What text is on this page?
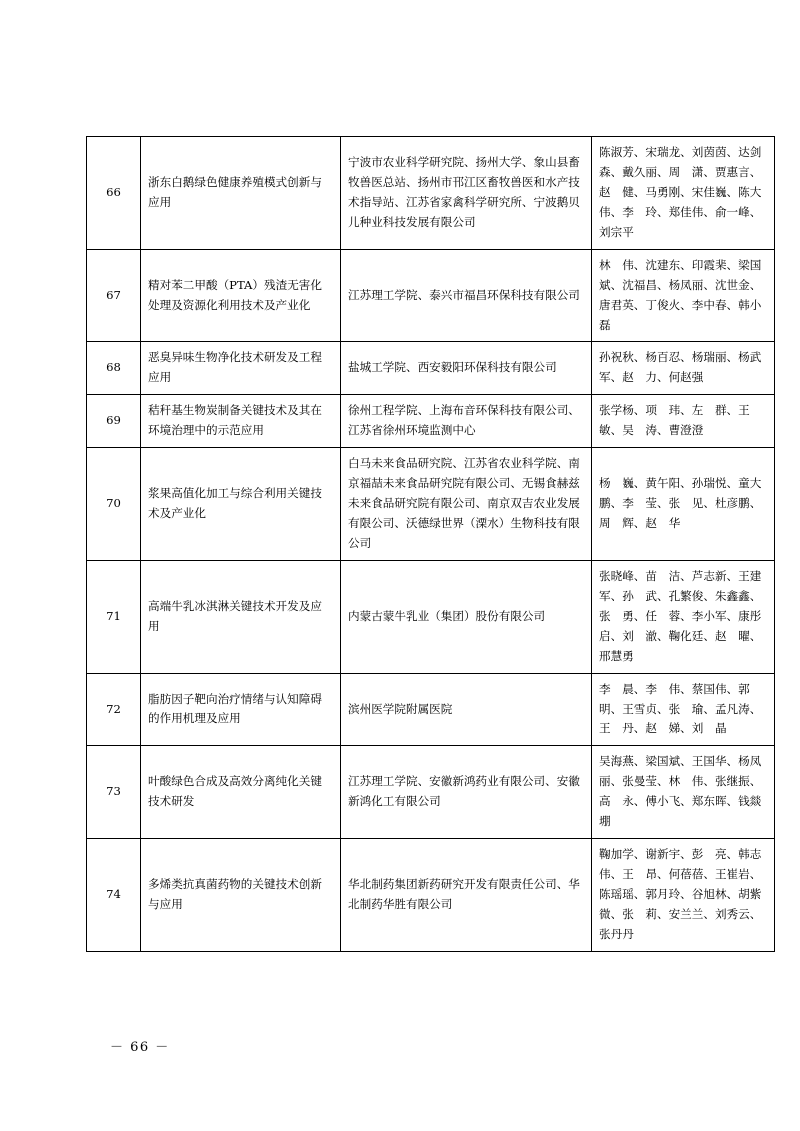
66	浙东白鹅绿色健康养殖模式创新与应用	宁波市农业科学研究院、扬州大学、象山县畜牧兽医总站、扬州市邗江区畜牧兽医和水产技术指导站、江苏省家禽科学研究所、宁波鹅贝儿种业科技发展有限公司	陈淑芳、宋瑞龙、刘茵茵、达剑森、戴久丽、周　潇、贾惠言、赵　健、马勇刚、宋佳巍、陈大伟、李　玲、郑佳伟、俞一峰、刘宗平
67	精对苯二甲酸（PTA）残渣无害化处理及资源化利用技术及产业化	江苏理工学院、泰兴市福昌环保科技有限公司	林　伟、沈建东、印霞棐、梁国斌、沈福昌、杨凤丽、沈世金、唐君英、丁俊火、李中春、韩小磊
68	恶臭异味生物净化技术研发及工程应用	盐城工学院、西安毅阳环保科技有限公司	孙祝秋、杨百忍、杨瑞丽、杨武军、赵　力、何赵强
69	秸秆基生物炭制备关键技术及其在环境治理中的示范应用	徐州工程学院、上海布音环保科技有限公司、江苏省徐州环境监测中心	张学杨、项　玮、左　群、王　敏、吴　涛、曹澄澄
70	浆果高值化加工与综合利用关键技术及产业化	白马未来食品研究院、江苏省农业科学院、南京福喆未来食品研究院有限公司、无锡食赫兹未来食品研究院有限公司、南京双吉农业发展有限公司、沃德绿世界（溧水）生物科技有限公司	杨　巍、黄午阳、孙瑞悦、童大鹏、李　莹、张　见、杜彦鹏、周　辉、赵　华
71	高端牛乳冰淇淋关键技术开发及应用	内蒙古蒙牛乳业（集团）股份有限公司	张晓峰、苗　洁、芦志新、王建军、孙　武、孔繁俊、朱鑫鑫、张　勇、任　蓉、李小军、康彤启、刘　澈、鞠化廷、赵　曜、邢慧勇
72	脂肪因子靶向治疗情绪与认知障碍的作用机理及应用	滨州医学院附属医院	李　晨、李　伟、蔡国伟、郭　明、王雪贞、张　瑜、孟凡涛、王　丹、赵　娣、刘　晶
73	叶酸绿色合成及高效分离纯化关键技术研发	江苏理工学院、安徽新鸿药业有限公司、安徽新鸿化工有限公司	吴海燕、梁国斌、王国华、杨凤丽、张曼莹、林　伟、张继振、高　永、傅小飞、郑东晖、钱燚堋
74	多烯类抗真菌药物的关键技术创新与应用	华北制药集团新药研究开发有限责任公司、华北制药华胜有限公司	鞠加学、谢新宇、彭　亮、韩志伟、王　昂、何蓓蓓、王崔岩、陈瑶瑶、郭月玲、谷旭林、胡紫微、张　莉、安兰兰、刘秀云、张丹丹
－ 66 －
